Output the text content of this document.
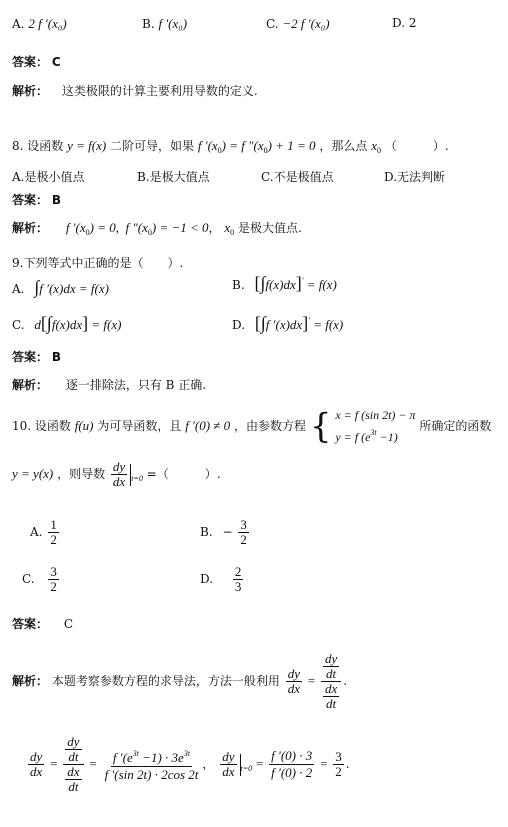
A. 2 f ′(x₀)	B. f ′(x₀)	C. −2 f ′(x₀)	D. 2
答案： C
解析： 这类极限的计算主要利用导数的定义.
8. 设函数 y = f(x) 二阶可导，如果 f $'(x_0) = f$ $''(x_0) + 1 = 0$ ，那么点 $x_0$ （　　　）.
A.是极小值点	B.是极大值点	C.不是极值点	D.无法判断
答案： B
解析： f $'(x_0) = 0$,  f $''(x_0) = -1 < 0$， $x_0$ 是极大值点.
9.下列等式中正确的是（　　）.
A. ∫f ′(x)dx = f(x)	B. [∫f(x)dx]′ = f(x)
C. d[∫f(x)dx] = f(x)	D. [∫f ′(x)dx]′ = f(x)
答案： B
解析： 逐一排除法，只有 B 正确.
10. 设函数 f(u) 为可导函数，且 f ′(0) ≠ 0 ，由参数方程 { x = f (sin 2t) − π
y = f $(e^{3t} -1)$
所确定的函数
y = y(x) ，则导数 $\frac{dy}{dx} _{t=0}$ =（　　　）.
A. $\frac{1}{2}$	B. − $\frac{3}{2}$
C. $\frac{3}{2}$	D. $\frac{2}{3}$
答案： C
解析： 本题考察参数方程的求导法，方法一般利用 $\frac{dy}{dx} = \frac{\frac{dy}{dt}}{\frac{dx}{dt}}$ .
$\frac{dy}{dx} = \frac{\frac{dy}{dt}}{\frac{dx}{dt}} = \frac{f '(e^{3t} -1) \cdot 3e^{3t}}{f '(\sin 2t) \cdot 2\cos 2t}$ ， $\frac{dy}{dx} _{t=0} = \frac{f '(0) \cdot 3}{f '(0) \cdot 2} = \frac{3}{2}$ .
